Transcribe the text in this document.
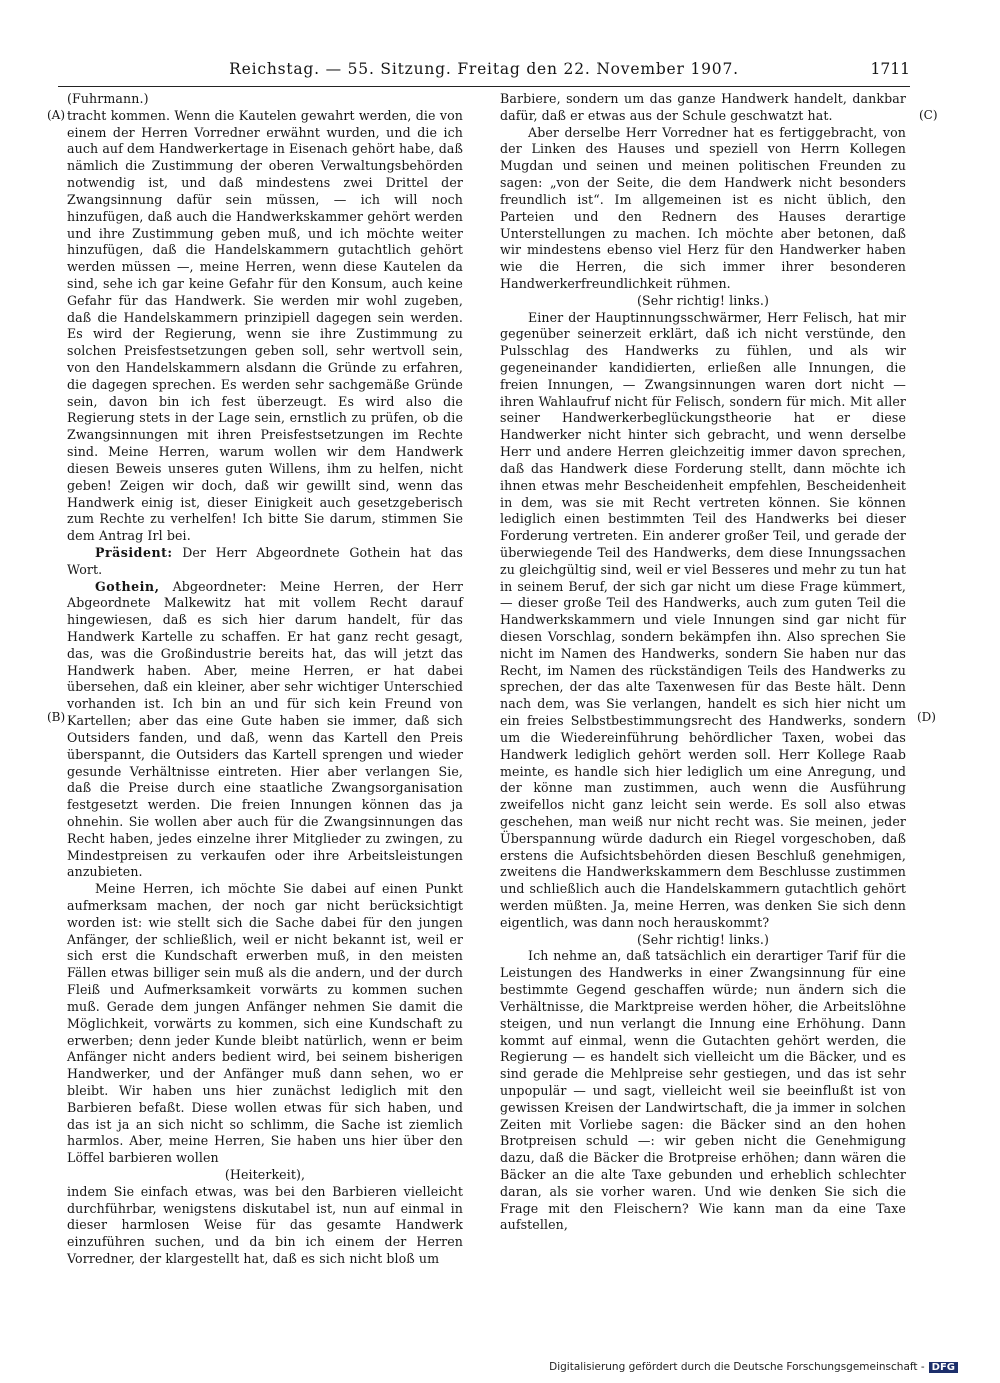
Reichstag. — 55. Sitzung. Freitag den 22. November 1907.	1711
(A)
(B)
(C)
(D)

(Fuhrmann.)

tracht kommen. Wenn die Kautelen gewahrt werden, die von einem der Herren Vorredner erwähnt wurden, und die ich auch auf dem Handwerkertage in Eisenach gehört habe, daß nämlich die Zustimmung der oberen Verwaltungsbehörden notwendig ist, und daß mindestens zwei Drittel der Zwangsinnung dafür sein müssen, — ich will noch hinzufügen, daß auch die Handwerkskammer gehört werden und ihre Zustimmung geben muß, und ich möchte weiter hinzufügen, daß die Handelskammern gutachtlich gehört werden müssen —, meine Herren, wenn diese Kautelen da sind, sehe ich gar keine Gefahr für den Konsum, auch keine Gefahr für das Handwerk. Sie werden mir wohl zugeben, daß die Handelskammern prinzipiell dagegen sein werden. Es wird der Regierung, wenn sie ihre Zustimmung zu solchen Preisfestsetzungen geben soll, sehr wertvoll sein, von den Handelskammern alsdann die Gründe zu erfahren, die dagegen sprechen. Es werden sehr sachgemäße Gründe sein, davon bin ich fest überzeugt. Es wird also die Regierung stets in der Lage sein, ernstlich zu prüfen, ob die Zwangsinnungen mit ihren Preisfestsetzungen im Rechte sind. Meine Herren, warum wollen wir dem Handwerk diesen Beweis unseres guten Willens, ihm zu helfen, nicht geben! Zeigen wir doch, daß wir gewillt sind, wenn das Handwerk einig ist, dieser Einigkeit auch gesetzgeberisch zum Rechte zu verhelfen! Ich bitte Sie darum, stimmen Sie dem Antrag Irl bei.

Präsident: Der Herr Abgeordnete Gothein hat das Wort.

Gothein, Abgeordneter: Meine Herren, der Herr Abgeordnete Malkewitz hat mit vollem Recht darauf hingewiesen, daß es sich hier darum handelt, für das Handwerk Kartelle zu schaffen. Er hat ganz recht gesagt, das, was die Großindustrie bereits hat, das will jetzt das Handwerk haben. Aber, meine Herren, er hat dabei übersehen, daß ein kleiner, aber sehr wichtiger Unterschied vorhanden ist. Ich bin an und für sich kein Freund von Kartellen; aber das eine Gute haben sie immer, daß sich Outsiders fanden, und daß, wenn das Kartell den Preis überspannt, die Outsiders das Kartell sprengen und wieder gesunde Verhältnisse eintreten. Hier aber verlangen Sie, daß die Preise durch eine staatliche Zwangsorganisation festgesetzt werden. Die freien Innungen können das ja ohnehin. Sie wollen aber auch für die Zwangsinnungen das Recht haben, jedes einzelne ihrer Mitglieder zu zwingen, zu Mindestpreisen zu verkaufen oder ihre Arbeitsleistungen anzubieten.

Meine Herren, ich möchte Sie dabei auf einen Punkt aufmerksam machen, der noch gar nicht berücksichtigt worden ist: wie stellt sich die Sache dabei für den jungen Anfänger, der schließlich, weil er nicht bekannt ist, weil er sich erst die Kundschaft erwerben muß, in den meisten Fällen etwas billiger sein muß als die andern, und der durch Fleiß und Aufmerksamkeit vorwärts zu kommen suchen muß. Gerade dem jungen Anfänger nehmen Sie damit die Möglichkeit, vorwärts zu kommen, sich eine Kundschaft zu erwerben; denn jeder Kunde bleibt natürlich, wenn er beim Anfänger nicht anders bedient wird, bei seinem bisherigen Handwerker, und der Anfänger muß dann sehen, wo er bleibt. Wir haben uns hier zunächst lediglich mit den Barbieren befaßt. Diese wollen etwas für sich haben, und das ist ja an sich nicht so schlimm, die Sache ist ziemlich harmlos. Aber, meine Herren, Sie haben uns hier über den Löffel barbieren wollen

(Heiterkeit),

indem Sie einfach etwas, was bei den Barbieren vielleicht durchführbar, wenigstens diskutabel ist, nun auf einmal in dieser harmlosen Weise für das gesamte Handwerk einzuführen suchen, und da bin ich einem der Herren Vorredner, der klargestellt hat, daß es sich nicht bloß um

Barbiere, sondern um das ganze Handwerk handelt, dankbar dafür, daß er etwas aus der Schule geschwatzt hat.

Aber derselbe Herr Vorredner hat es fertiggebracht, von der Linken des Hauses und speziell von Herrn Kollegen Mugdan und seinen und meinen politischen Freunden zu sagen: „von der Seite, die dem Handwerk nicht besonders freundlich ist“. Im allgemeinen ist es nicht üblich, den Parteien und den Rednern des Hauses derartige Unterstellungen zu machen. Ich möchte aber betonen, daß wir mindestens ebenso viel Herz für den Handwerker haben wie die Herren, die sich immer ihrer besonderen Handwerkerfreundlichkeit rühmen.

(Sehr richtig! links.)

Einer der Hauptinnungsschwärmer, Herr Felisch, hat mir gegenüber seinerzeit erklärt, daß ich nicht verstünde, den Pulsschlag des Handwerks zu fühlen, und als wir gegeneinander kandidierten, erließen alle Innungen, die freien Innungen, — Zwangsinnungen waren dort nicht — ihren Wahlaufruf nicht für Felisch, sondern für mich. Mit aller seiner Handwerkerbeglückungstheorie hat er diese Handwerker nicht hinter sich gebracht, und wenn derselbe Herr und andere Herren gleichzeitig immer davon sprechen, daß das Handwerk diese Forderung stellt, dann möchte ich ihnen etwas mehr Bescheidenheit empfehlen, Bescheidenheit in dem, was sie mit Recht vertreten können. Sie können lediglich einen bestimmten Teil des Handwerks bei dieser Forderung vertreten. Ein anderer großer Teil, und gerade der überwiegende Teil des Handwerks, dem diese Innungssachen zu gleichgültig sind, weil er viel Besseres und mehr zu tun hat in seinem Beruf, der sich gar nicht um diese Frage kümmert, — dieser große Teil des Handwerks, auch zum guten Teil die Handwerkskammern und viele Innungen sind gar nicht für diesen Vorschlag, sondern bekämpfen ihn. Also sprechen Sie nicht im Namen des Handwerks, sondern Sie haben nur das Recht, im Namen des rückständigen Teils des Handwerks zu sprechen, der das alte Taxenwesen für das Beste hält. Denn nach dem, was Sie verlangen, handelt es sich hier nicht um ein freies Selbstbestimmungsrecht des Handwerks, sondern um die Wiedereinführung behördlicher Taxen, wobei das Handwerk lediglich gehört werden soll. Herr Kollege Raab meinte, es handle sich hier lediglich um eine Anregung, und der könne man zustimmen, auch wenn die Ausführung zweifellos nicht ganz leicht sein werde. Es soll also etwas geschehen, man weiß nur nicht recht was. Sie meinen, jeder Überspannung würde dadurch ein Riegel vorgeschoben, daß erstens die Aufsichtsbehörden diesen Beschluß genehmigen, zweitens die Handwerkskammern dem Beschlusse zustimmen und schließlich auch die Handelskammern gutachtlich gehört werden müßten. Ja, meine Herren, was denken Sie sich denn eigentlich, was dann noch herauskommt?

(Sehr richtig! links.)

Ich nehme an, daß tatsächlich ein derartiger Tarif für die Leistungen des Handwerks in einer Zwangsinnung für eine bestimmte Gegend geschaffen würde; nun ändern sich die Verhältnisse, die Marktpreise werden höher, die Arbeitslöhne steigen, und nun verlangt die Innung eine Erhöhung. Dann kommt auf einmal, wenn die Gutachten gehört werden, die Regierung — es handelt sich vielleicht um die Bäcker, und es sind gerade die Mehlpreise sehr gestiegen, und das ist sehr unpopulär — und sagt, vielleicht weil sie beeinflußt ist von gewissen Kreisen der Landwirtschaft, die ja immer in solchen Zeiten mit Vorliebe sagen: die Bäcker sind an den hohen Brotpreisen schuld —: wir geben nicht die Genehmigung dazu, daß die Bäcker die Brotpreise erhöhen; dann wären die Bäcker an die alte Taxe gebunden und erheblich schlechter daran, als sie vorher waren. Und wie denken Sie sich die Frage mit den Fleischern? Wie kann man da eine Taxe aufstellen,

Digitalisierung gefördert durch die Deutsche Forschungsgemeinschaft - DFG
